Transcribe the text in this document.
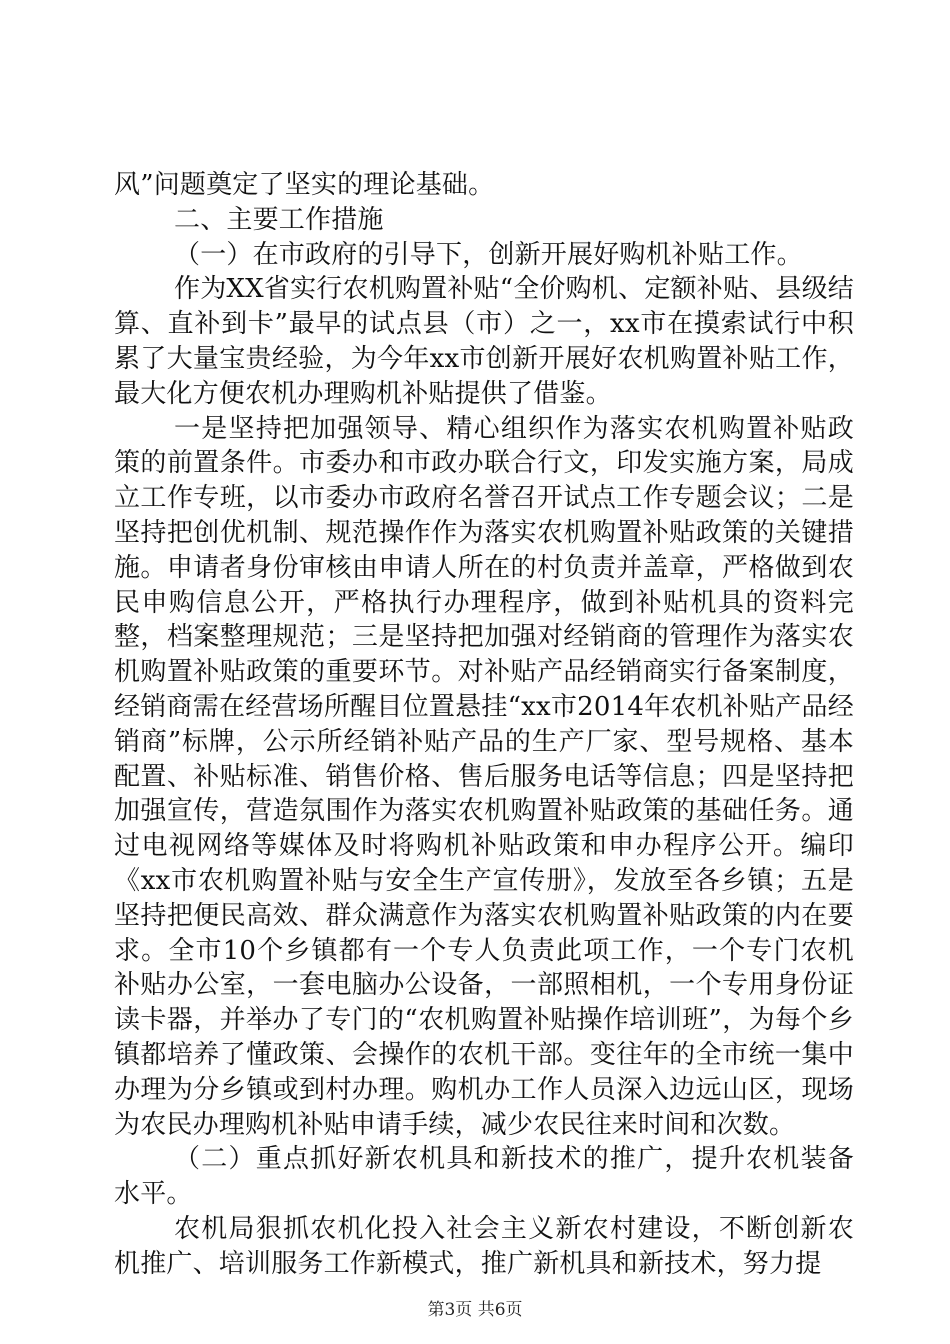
风”问题奠定了坚实的理论基础。

二、主要工作措施

（一）在市政府的引导下，创新开展好购机补贴工作。

作为XX省实行农机购置补贴“全价购机、定额补贴、县级结算、直补到卡”最早的试点县（市）之一，xx市在摸索试行中积累了大量宝贵经验，为今年xx市创新开展好农机购置补贴工作，最大化方便农机办理购机补贴提供了借鉴。

一是坚持把加强领导、精心组织作为落实农机购置补贴政策的前置条件。市委办和市政办联合行文，印发实施方案，局成立工作专班，以市委办市政府名誉召开试点工作专题会议；二是坚持把创优机制、规范操作作为落实农机购置补贴政策的关键措施。申请者身份审核由申请人所在的村负责并盖章，严格做到农民申购信息公开，严格执行办理程序，做到补贴机具的资料完整，档案整理规范；三是坚持把加强对经销商的管理作为落实农机购置补贴政策的重要环节。对补贴产品经销商实行备案制度，经销商需在经营场所醒目位置悬挂“xx市2014年农机补贴产品经销商”标牌，公示所经销补贴产品的生产厂家、型号规格、基本配置、补贴标准、销售价格、售后服务电话等信息；四是坚持把加强宣传，营造氛围作为落实农机购置补贴政策的基础任务。通过电视网络等媒体及时将购机补贴政策和申办程序公开。编印《xx市农机购置补贴与安全生产宣传册》，发放至各乡镇；五是坚持把便民高效、群众满意作为落实农机购置补贴政策的内在要求。全市10个乡镇都有一个专人负责此项工作，一个专门农机补贴办公室，一套电脑办公设备，一部照相机，一个专用身份证读卡器，并举办了专门的“农机购置补贴操作培训班”，为每个乡镇都培养了懂政策、会操作的农机干部。变往年的全市统一集中办理为分乡镇或到村办理。购机办工作人员深入边远山区，现场为农民办理购机补贴申请手续，减少农民往来时间和次数。

（二）重点抓好新农机具和新技术的推广，提升农机装备水平。

农机局狠抓农机化投入社会主义新农村建设，不断创新农机推广、培训服务工作新模式，推广新机具和新技术，努力提

第3页 共6页
